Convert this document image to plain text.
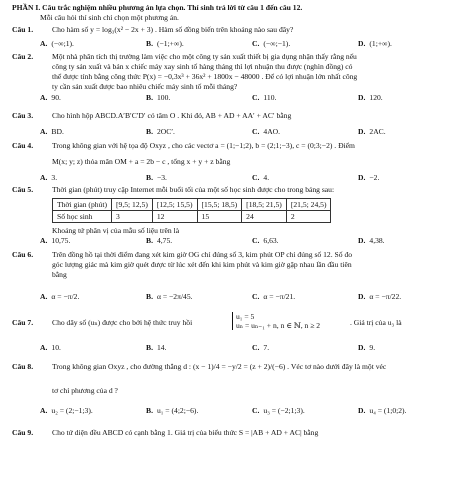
PHẦN I. Câu trắc nghiệm nhiều phương án lựa chọn. Thí sinh trả lời từ câu 1 đến câu 12.
Mỗi câu hỏi thí sinh chỉ chọn một phương án.
Câu 1. Cho hàm số y = log₃(x² − 2x + 3) . Hàm số đồng biến trên khoảng nào sau đây?
A. (−∞;1).	B. (−1;+∞).	C. (−∞;−1).	D. (1;+∞).
Câu 2. Một nhà phân tích thị trường làm việc cho một công ty sản xuất thiết bị gia dụng nhận thấy rằng nếu
công ty sản xuất và bán x chiếc máy xay sinh tố hàng tháng thì lợi nhuận thu được (nghìn đồng) có
thể được tính bằng công thức P(x) = −0,3x³ + 36x² + 1800x − 48000 . Để có lợi nhuận lớn nhất công
ty cần sản xuất được bao nhiêu chiếc máy sinh tố mỗi tháng?
A. 90.	B. 100.	C. 110.	D. 120.
Câu 3. Cho hình hộp ABCD.A′B′C′D′ có tâm O . Khi đó, AB + AD + AA′ + AC′ bằng
A. BD.	B. 2OC′.	C. 4AO.	D. 2AC.
Câu 4. Trong không gian với hệ tọa độ Oxyz , cho các vectơ a = (1;−1;2), b = (2;1;−3), c = (0;3;−2) . Điểm
M(x; y; z) thỏa mãn OM + a = 2b − c , tổng x + y + z bằng
A. 3.	B. −3.	C. 4.	D. −2.
Câu 5. Thời gian (phút) truy cập Internet mỗi buổi tối của một số học sinh được cho trong bảng sau:
Thời gian (phút)	[9,5; 12,5)	[12,5; 15,5)	[15,5; 18,5)	[18,5; 21,5)	[21,5; 24,5)
Số học sinh	3	12	15	24	2
Khoảng tứ phân vị của mẫu số liệu trên là
A. 10,75.	B. 4,75.	C. 6,63.	D. 4,38.
Câu 6. Trên đồng hồ tại thời điểm đang xét kim giờ OG chỉ đúng số 3, kim phút OP chỉ đúng số 12. Số đo
góc lượng giác mà kim giờ quét được từ lúc xét đến khi kim phút và kim giờ gặp nhau lần đầu tiên
bằng
A. α = −π/2.	B. α = −2π/45.	C. α = −π/21.	D. α = −π/22.
Câu 7. Cho dãy số (uₙ) được cho bởi hệ thức truy hồi
u₁ = 5
uₙ = uₙ₋₁ + n, n ∈ ℕ, n ≥ 2	. Giá trị của u₃ là
A. 10.	B. 14.	C. 7.	D. 9.
Câu 8. Trong không gian Oxyz , cho đường thẳng d : (x − 1)/4 = −y/2 = (z + 2)/(−6) . Véc tơ nào dưới đây là một véc
tơ chỉ phương của d ?
A. u₂ = (2;−1;3).	B. u₁ = (4;2;−6).	C. u₃ = (−2;1;3).	D. u₄ = (1;0;2).
Câu 9. Cho tứ diện đều ABCD có cạnh bằng 1. Giá trị của biểu thức S = |AB + AD + AC| bằng
